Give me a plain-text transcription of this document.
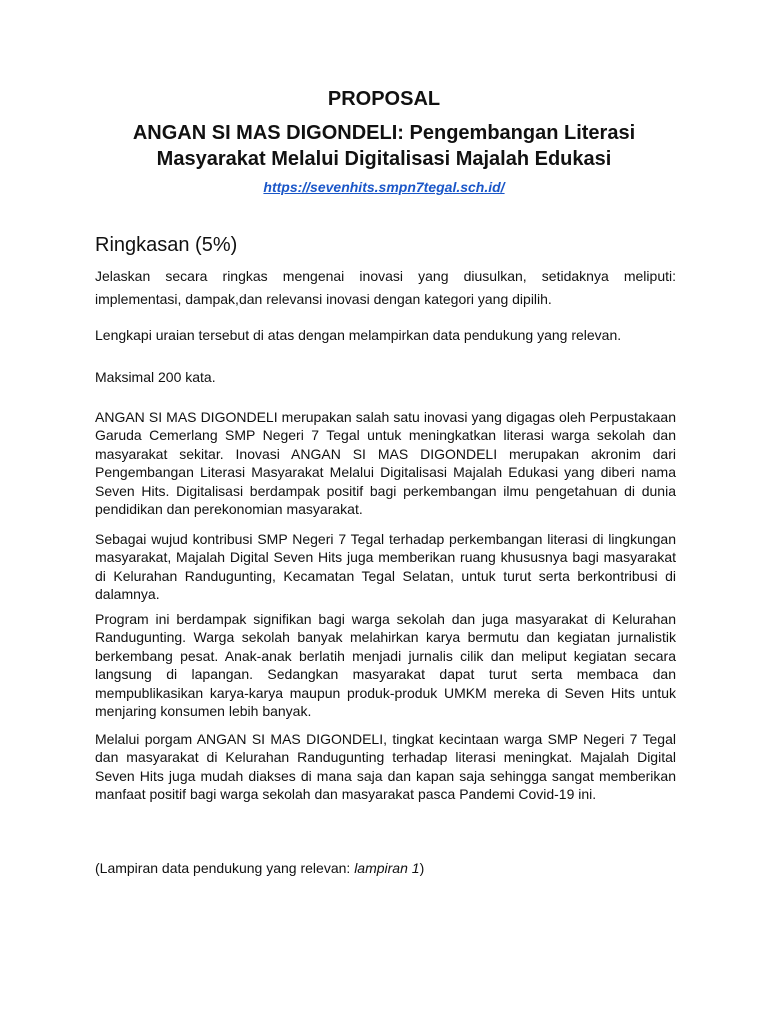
PROPOSAL
ANGAN SI MAS DIGONDELI: Pengembangan Literasi
Masyarakat Melalui Digitalisasi Majalah Edukasi
https://sevenhits.smpn7tegal.sch.id/
Ringkasan (5%)

Jelaskan secara ringkas mengenai inovasi yang diusulkan, setidaknya meliputi: implementasi, dampak,dan relevansi inovasi dengan kategori yang dipilih.

Lengkapi uraian tersebut di atas dengan melampirkan data pendukung yang relevan.

Maksimal 200 kata.

ANGAN SI MAS DIGONDELI merupakan salah satu inovasi yang digagas oleh Perpustakaan Garuda Cemerlang SMP Negeri 7 Tegal untuk meningkatkan literasi warga sekolah dan masyarakat sekitar. Inovasi ANGAN SI MAS DIGONDELI merupakan akronim dari Pengembangan Literasi Masyarakat Melalui Digitalisasi Majalah Edukasi yang diberi nama Seven Hits. Digitalisasi berdampak positif bagi perkembangan ilmu pengetahuan di dunia pendidikan dan perekonomian masyarakat.

Sebagai wujud kontribusi SMP Negeri 7 Tegal terhadap perkembangan literasi di lingkungan masyarakat, Majalah Digital Seven Hits juga memberikan ruang khususnya bagi masyarakat di Kelurahan Randugunting, Kecamatan Tegal Selatan, untuk turut serta berkontribusi di dalamnya.

Program ini berdampak signifikan bagi warga sekolah dan juga masyarakat di Kelurahan Randugunting. Warga sekolah banyak melahirkan karya bermutu dan kegiatan jurnalistik berkembang pesat. Anak-anak berlatih menjadi jurnalis cilik dan meliput kegiatan secara langsung di lapangan. Sedangkan masyarakat dapat turut serta membaca dan mempublikasikan karya-karya maupun produk-produk UMKM mereka di Seven Hits untuk menjaring konsumen lebih banyak.

Melalui porgam ANGAN SI MAS DIGONDELI, tingkat kecintaan warga SMP Negeri 7 Tegal dan masyarakat di Kelurahan Randugunting terhadap literasi meningkat. Majalah Digital Seven Hits juga mudah diakses di mana saja dan kapan saja sehingga sangat memberikan manfaat positif bagi warga sekolah dan masyarakat pasca Pandemi Covid-19 ini.

(Lampiran data pendukung yang relevan: lampiran 1)
